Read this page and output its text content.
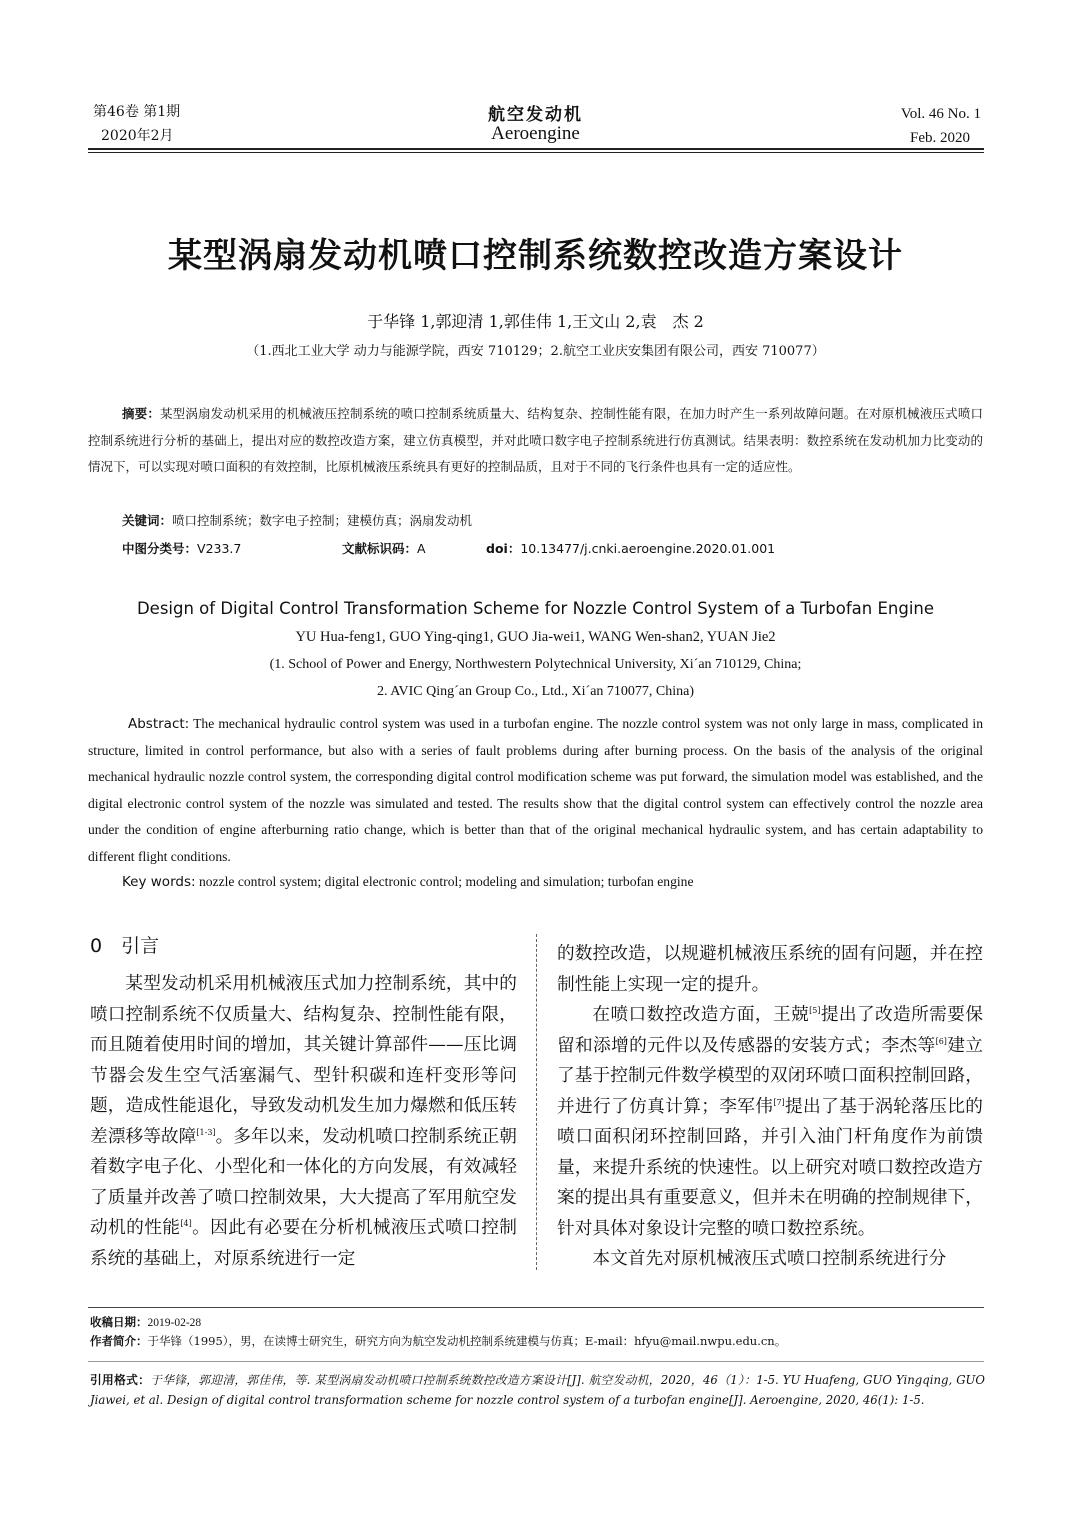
第46卷 第1期
2020年2月
航空发动机
Aeroengine
Vol. 46 No. 1
Feb. 2020
某型涡扇发动机喷口控制系统数控改造方案设计
于华锋 1,郭迎清 1,郭佳伟 1,王文山 2,袁　杰 2
（1.西北工业大学 动力与能源学院，西安 710129；2.航空工业庆安集团有限公司，西安 710077）
摘要：某型涡扇发动机采用的机械液压控制系统的喷口控制系统质量大、结构复杂、控制性能有限，在加力时产生一系列故障问题。在对原机械液压式喷口控制系统进行分析的基础上，提出对应的数控改造方案，建立仿真模型，并对此喷口数字电子控制系统进行仿真测试。结果表明：数控系统在发动机加力比变动的情况下，可以实现对喷口面积的有效控制，比原机械液压系统具有更好的控制品质，且对于不同的飞行条件也具有一定的适应性。
关键词：喷口控制系统；数字电子控制；建模仿真；涡扇发动机
中图分类号：V233.7	文献标识码：A	doi：10.13477/j.cnki.aeroengine.2020.01.001
Design of Digital Control Transformation Scheme for Nozzle Control System of a Turbofan Engine
YU Hua-feng1, GUO Ying-qing1, GUO Jia-wei1, WANG Wen-shan2, YUAN Jie2
(1. School of Power and Energy, Northwestern Polytechnical University, Xi´an 710129, China;
2. AVIC Qing´an Group Co., Ltd., Xi´an 710077, China)
Abstract: The mechanical hydraulic control system was used in a turbofan engine. The nozzle control system was not only large in mass, complicated in structure, limited in control performance, but also with a series of fault problems during after burning process. On the basis of the analysis of the original mechanical hydraulic nozzle control system, the corresponding digital control modification scheme was put forward, the simulation model was established, and the digital electronic control system of the nozzle was simulated and tested. The results show that the digital control system can effectively control the nozzle area under the condition of engine afterburning ratio change, which is better than that of the original mechanical hydraulic system, and has certain adaptability to different flight conditions.
Key words: nozzle control system; digital electronic control; modeling and simulation; turbofan engine
0　引言
某型发动机采用机械液压式加力控制系统，其中的喷口控制系统不仅质量大、结构复杂、控制性能有限，而且随着使用时间的增加，其关键计算部件——压比调节器会发生空气活塞漏气、型针积碳和连杆变形等问题，造成性能退化，导致发动机发生加力爆燃和低压转差漂移等故障[1-3]。多年以来，发动机喷口控制系统正朝着数字电子化、小型化和一体化的方向发展，有效减轻了质量并改善了喷口控制效果，大大提高了军用航空发动机的性能[4]。因此有必要在分析机械液压式喷口控制系统的基础上，对原系统进行一定
的数控改造，以规避机械液压系统的固有问题，并在控制性能上实现一定的提升。
在喷口数控改造方面，王兢[5]提出了改造所需要保留和添增的元件以及传感器的安装方式；李杰等[6]建立了基于控制元件数学模型的双闭环喷口面积控制回路，并进行了仿真计算；李军伟[7]提出了基于涡轮落压比的喷口面积闭环控制回路，并引入油门杆角度作为前馈量，来提升系统的快速性。以上研究对喷口数控改造方案的提出具有重要意义，但并未在明确的控制规律下，针对具体对象设计完整的喷口数控系统。
本文首先对原机械液压式喷口控制系统进行分
收稿日期：2019-02-28
作者简介：于华锋（1995），男，在读博士研究生，研究方向为航空发动机控制系统建模与仿真；E-mail：hfyu@mail.nwpu.edu.cn。
引用格式：于华锋，郭迎清，郭佳伟，等. 某型涡扇发动机喷口控制系统数控改造方案设计[J]. 航空发动机，2020，46（1）：1-5. YU Huafeng, GUO Yingqing, GUO Jiawei, et al. Design of digital control transformation scheme for nozzle control system of a turbofan engine[J]. Aeroengine, 2020, 46(1): 1-5.
